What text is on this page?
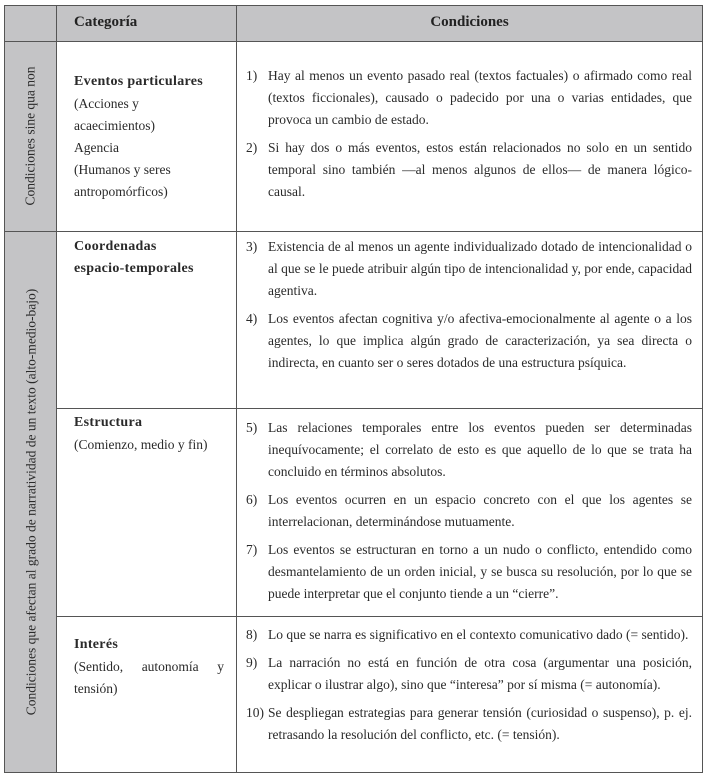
Categoría	Condiciones
Condiciones sine qua non
Condiciones que afectan al grado de narratividad de un texto (alto-medio-bajo)
Eventos particulares
(Acciones y
acaecimientos)
Agencia
(Humanos y seres
antropomórficos)
1) Hay al menos un evento pasado real (textos factuales) o afirmado como real (textos ficcionales), causado o padecido por una o varias entidades, que provoca un cambio de estado.
2) Si hay dos o más eventos, estos están relacionados no solo en un sentido temporal sino también —al menos algunos de ellos— de manera lógico-causal.
Coordenadas
espacio-temporales
3) Existencia de al menos un agente individualizado dotado de intencionalidad o al que se le puede atribuir algún tipo de intencionalidad y, por ende, capacidad agentiva.
4) Los eventos afectan cognitiva y/o afectiva-emocionalmente al agente o a los agentes, lo que implica algún grado de caracterización, ya sea directa o indirecta, en cuanto ser o seres dotados de una estructura psíquica.
Estructura
(Comienzo, medio y fin)
5) Las relaciones temporales entre los eventos pueden ser determinadas inequívocamente; el correlato de esto es que aquello de lo que se trata ha concluido en términos absolutos.
6) Los eventos ocurren en un espacio concreto con el que los agentes se interrelacionan, determinándose mutuamente.
7) Los eventos se estructuran en torno a un nudo o conflicto, entendido como desmantelamiento de un orden inicial, y se busca su resolución, por lo que se puede interpretar que el conjunto tiende a un “cierre”.
Interés
(Sentido, autonomía y tensión)
8) Lo que se narra es significativo en el contexto comunicativo dado (= sentido).
9) La narración no está en función de otra cosa (argumentar una posición, explicar o ilustrar algo), sino que “interesa” por sí misma (= autonomía).
10) Se despliegan estrategias para generar tensión (curiosidad o suspenso), p. ej. retrasando la resolución del conflicto, etc. (= tensión).
